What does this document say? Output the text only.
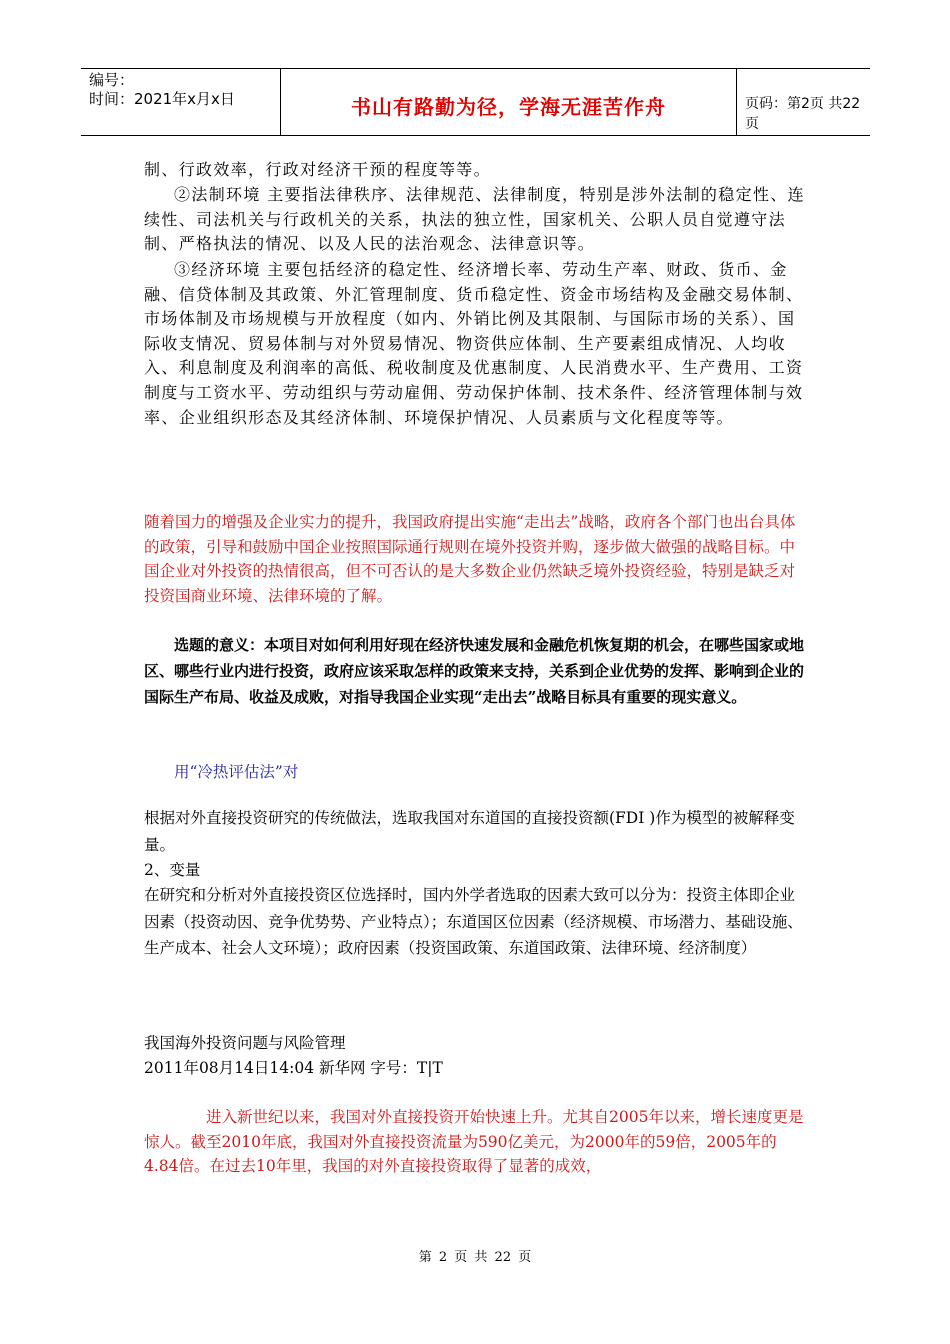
编号：
时间：2021年x月x日	书山有路勤为径，学海无涯苦作舟	页码：第2页 共22页
制、行政效率，行政对经济干预的程度等等。
②法制环境 主要指法律秩序、法律规范、法律制度，特别是涉外法制的稳定性、连续性、司法机关与行政机关的关系，执法的独立性，国家机关、公职人员自觉遵守法制、严格执法的情况、以及人民的法治观念、法律意识等。
③经济环境 主要包括经济的稳定性、经济增长率、劳动生产率、财政、货币、金融、信贷体制及其政策、外汇管理制度、货币稳定性、资金市场结构及金融交易体制、市场体制及市场规模与开放程度（如内、外销比例及其限制、与国际市场的关系）、国际收支情况、贸易体制与对外贸易情况、物资供应体制、生产要素组成情况、人均收入、利息制度及利润率的高低、税收制度及优惠制度、人民消费水平、生产费用、工资制度与工资水平、劳动组织与劳动雇佣、劳动保护体制、技术条件、经济管理体制与效率、企业组织形态及其经济体制、环境保护情况、人员素质与文化程度等等。
随着国力的增强及企业实力的提升，我国政府提出实施“走出去”战略，政府各个部门也出台具体的政策，引导和鼓励中国企业按照国际通行规则在境外投资并购，逐步做大做强的战略目标。中国企业对外投资的热情很高，但不可否认的是大多数企业仍然缺乏境外投资经验，特别是缺乏对投资国商业环境、法律环境的了解。
选题的意义：本项目对如何利用好现在经济快速发展和金融危机恢复期的机会，在哪些国家或地区、哪些行业内进行投资，政府应该采取怎样的政策来支持，关系到企业优势的发挥、影响到企业的国际生产布局、收益及成败，对指导我国企业实现“走出去”战略目标具有重要的现实意义。
用“冷热评估法”对
根据对外直接投资研究的传统做法，选取我国对东道国的直接投资额(FDI )作为模型的被解释变量。
2、变量
在研究和分析对外直接投资区位选择时，国内外学者选取的因素大致可以分为：投资主体即企业因素（投资动因、竞争优势势、产业特点）；东道国区位因素（经济规模、市场潜力、基础设施、生产成本、社会人文环境）；政府因素（投资国政策、东道国政策、法律环境、经济制度）
我国海外投资问题与风险管理
2011年08月14日14:04 新华网 字号：T|T
进入新世纪以来，我国对外直接投资开始快速上升。尤其自2005年以来，增长速度更是惊人。截至2010年底，我国对外直接投资流量为590亿美元，为2000年的59倍，2005年的4.84倍。在过去10年里，我国的对外直接投资取得了显著的成效，
第 2 页 共 22 页
